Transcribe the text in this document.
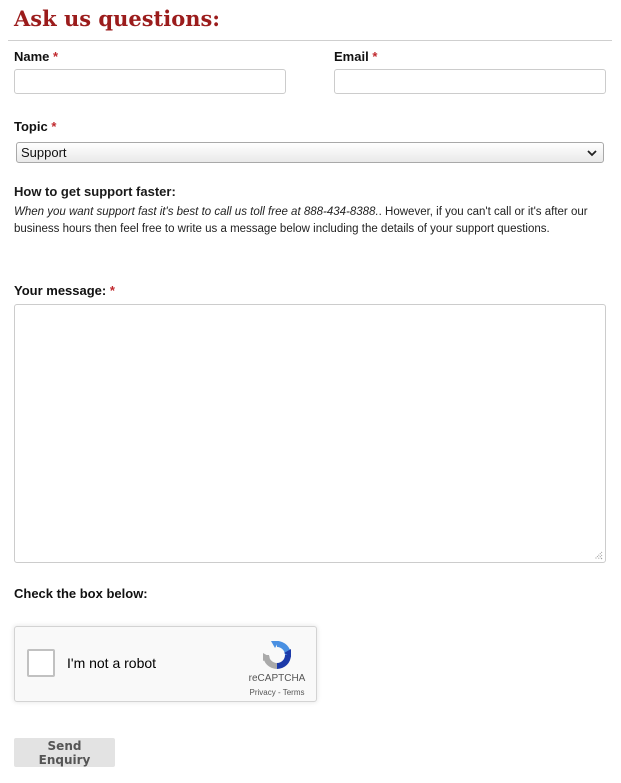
Ask us questions:
Name *	Email *
Topic *
Support
How to get support faster:
When you want support fast it's best to call us toll free at 888-434-8388.. However, if you can't call or it's after our business hours then feel free to write us a message below including the details of your support questions.
Your message: *
Check the box below:
I'm not a robot
reCAPTCHA
Privacy - Terms
Send Enquiry
